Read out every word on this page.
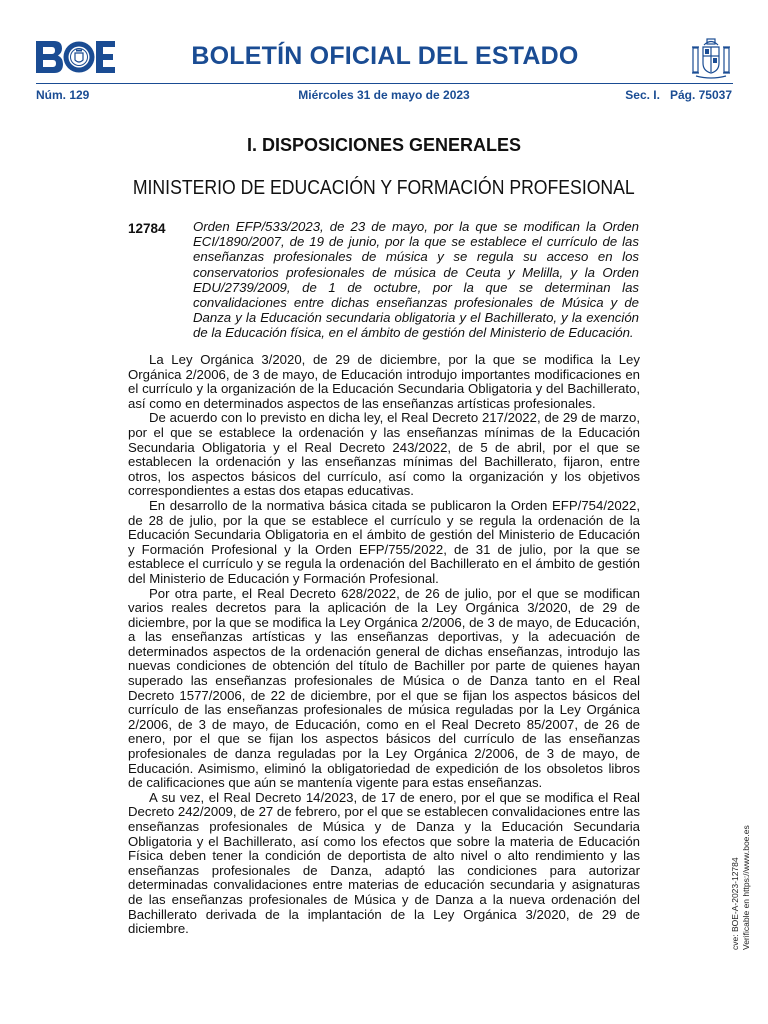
BOLETÍN OFICIAL DEL ESTADO
Núm. 129	Miércoles 31 de mayo de 2023	Sec. I.   Pág. 75037
I. DISPOSICIONES GENERALES
MINISTERIO DE EDUCACIÓN Y FORMACIÓN PROFESIONAL
12784 Orden EFP/533/2023, de 23 de mayo, por la que se modifican la Orden ECI/1890/2007, de 19 de junio, por la que se establece el currículo de las enseñanzas profesionales de música y se regula su acceso en los conservatorios profesionales de música de Ceuta y Melilla, y la Orden EDU/2739/2009, de 1 de octubre, por la que se determinan las convalidaciones entre dichas enseñanzas profesionales de Música y de Danza y la Educación secundaria obligatoria y el Bachillerato, y la exención de la Educación física, en el ámbito de gestión del Ministerio de Educación.

La Ley Orgánica 3/2020, de 29 de diciembre, por la que se modifica la Ley Orgánica 2/2006, de 3 de mayo, de Educación introdujo importantes modificaciones en el currículo y la organización de la Educación Secundaria Obligatoria y del Bachillerato, así como en determinados aspectos de las enseñanzas artísticas profesionales.

De acuerdo con lo previsto en dicha ley, el Real Decreto 217/2022, de 29 de marzo, por el que se establece la ordenación y las enseñanzas mínimas de la Educación Secundaria Obligatoria y el Real Decreto 243/2022, de 5 de abril, por el que se establecen la ordenación y las enseñanzas mínimas del Bachillerato, fijaron, entre otros, los aspectos básicos del currículo, así como la organización y los objetivos correspondientes a estas dos etapas educativas.

En desarrollo de la normativa básica citada se publicaron la Orden EFP/754/2022, de 28 de julio, por la que se establece el currículo y se regula la ordenación de la Educación Secundaria Obligatoria en el ámbito de gestión del Ministerio de Educación y Formación Profesional y la Orden EFP/755/2022, de 31 de julio, por la que se establece el currículo y se regula la ordenación del Bachillerato en el ámbito de gestión del Ministerio de Educación y Formación Profesional.

Por otra parte, el Real Decreto 628/2022, de 26 de julio, por el que se modifican varios reales decretos para la aplicación de la Ley Orgánica 3/2020, de 29 de diciembre, por la que se modifica la Ley Orgánica 2/2006, de 3 de mayo, de Educación, a las enseñanzas artísticas y las enseñanzas deportivas, y la adecuación de determinados aspectos de la ordenación general de dichas enseñanzas, introdujo las nuevas condiciones de obtención del título de Bachiller por parte de quienes hayan superado las enseñanzas profesionales de Música o de Danza tanto en el Real Decreto 1577/2006, de 22 de diciembre, por el que se fijan los aspectos básicos del currículo de las enseñanzas profesionales de música reguladas por la Ley Orgánica 2/2006, de 3 de mayo, de Educación, como en el Real Decreto 85/2007, de 26 de enero, por el que se fijan los aspectos básicos del currículo de las enseñanzas profesionales de danza reguladas por la Ley Orgánica 2/2006, de 3 de mayo, de Educación. Asimismo, eliminó la obligatoriedad de expedición de los obsoletos libros de calificaciones que aún se mantenía vigente para estas enseñanzas.

A su vez, el Real Decreto 14/2023, de 17 de enero, por el que se modifica el Real Decreto 242/2009, de 27 de febrero, por el que se establecen convalidaciones entre las enseñanzas profesionales de Música y de Danza y la Educación Secundaria Obligatoria y el Bachillerato, así como los efectos que sobre la materia de Educación Física deben tener la condición de deportista de alto nivel o alto rendimiento y las enseñanzas profesionales de Danza, adaptó las condiciones para autorizar determinadas convalidaciones entre materias de educación secundaria y asignaturas de las enseñanzas profesionales de Música y de Danza a la nueva ordenación del Bachillerato derivada de la implantación de la Ley Orgánica 3/2020, de 29 de diciembre.	cve: BOE-A-2023-12784 Verificable en https://www.boe.es
